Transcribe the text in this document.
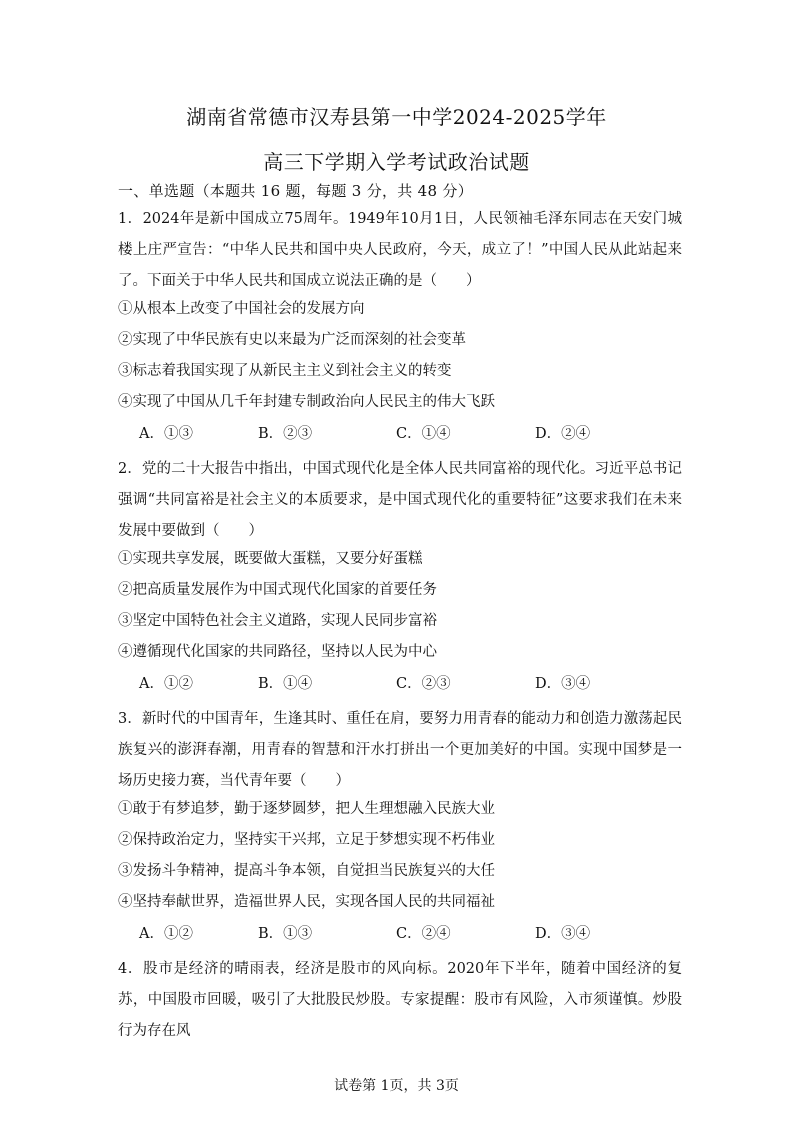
湖南省常德市汉寿县第一中学2024-2025学年
高三下学期入学考试政治试题
一、单选题（本题共 16 题，每题 3 分，共 48 分）
1．2024年是新中国成立75周年。1949年10月1日，人民领袖毛泽东同志在天安门城楼上庄严宣告：“中华人民共和国中央人民政府，今天，成立了！”中国人民从此站起来了。下面关于中华人民共和国成立说法正确的是（　　）
①从根本上改变了中国社会的发展方向
②实现了中华民族有史以来最为广泛而深刻的社会变革
③标志着我国实现了从新民主主义到社会主义的转变
④实现了中国从几千年封建专制政治向人民民主的伟大飞跃
A．①③	B．②③	C．①④	D．②④
2．党的二十大报告中指出，中国式现代化是全体人民共同富裕的现代化。习近平总书记强调“共同富裕是社会主义的本质要求，是中国式现代化的重要特征”这要求我们在未来发展中要做到（　　）
①实现共享发展，既要做大蛋糕，又要分好蛋糕
②把高质量发展作为中国式现代化国家的首要任务
③坚定中国特色社会主义道路，实现人民同步富裕
④遵循现代化国家的共同路径，坚持以人民为中心
A．①②	B．①④	C．②③	D．③④
3．新时代的中国青年，生逢其时、重任在肩，要努力用青春的能动力和创造力激荡起民族复兴的澎湃春潮，用青春的智慧和汗水打拼出一个更加美好的中国。实现中国梦是一场历史接力赛，当代青年要（　　）
①敢于有梦追梦，勤于逐梦圆梦，把人生理想融入民族大业
②保持政治定力，坚持实干兴邦，立足于梦想实现不朽伟业
③发扬斗争精神，提高斗争本领，自觉担当民族复兴的大任
④坚持奉献世界，造福世界人民，实现各国人民的共同福祉
A．①②	B．①③	C．②④	D．③④
4．股市是经济的晴雨表，经济是股市的风向标。2020年下半年，随着中国经济的复苏，中国股市回暖，吸引了大批股民炒股。专家提醒：股市有风险，入市须谨慎。炒股行为存在风
试卷第 1页，共 3页
